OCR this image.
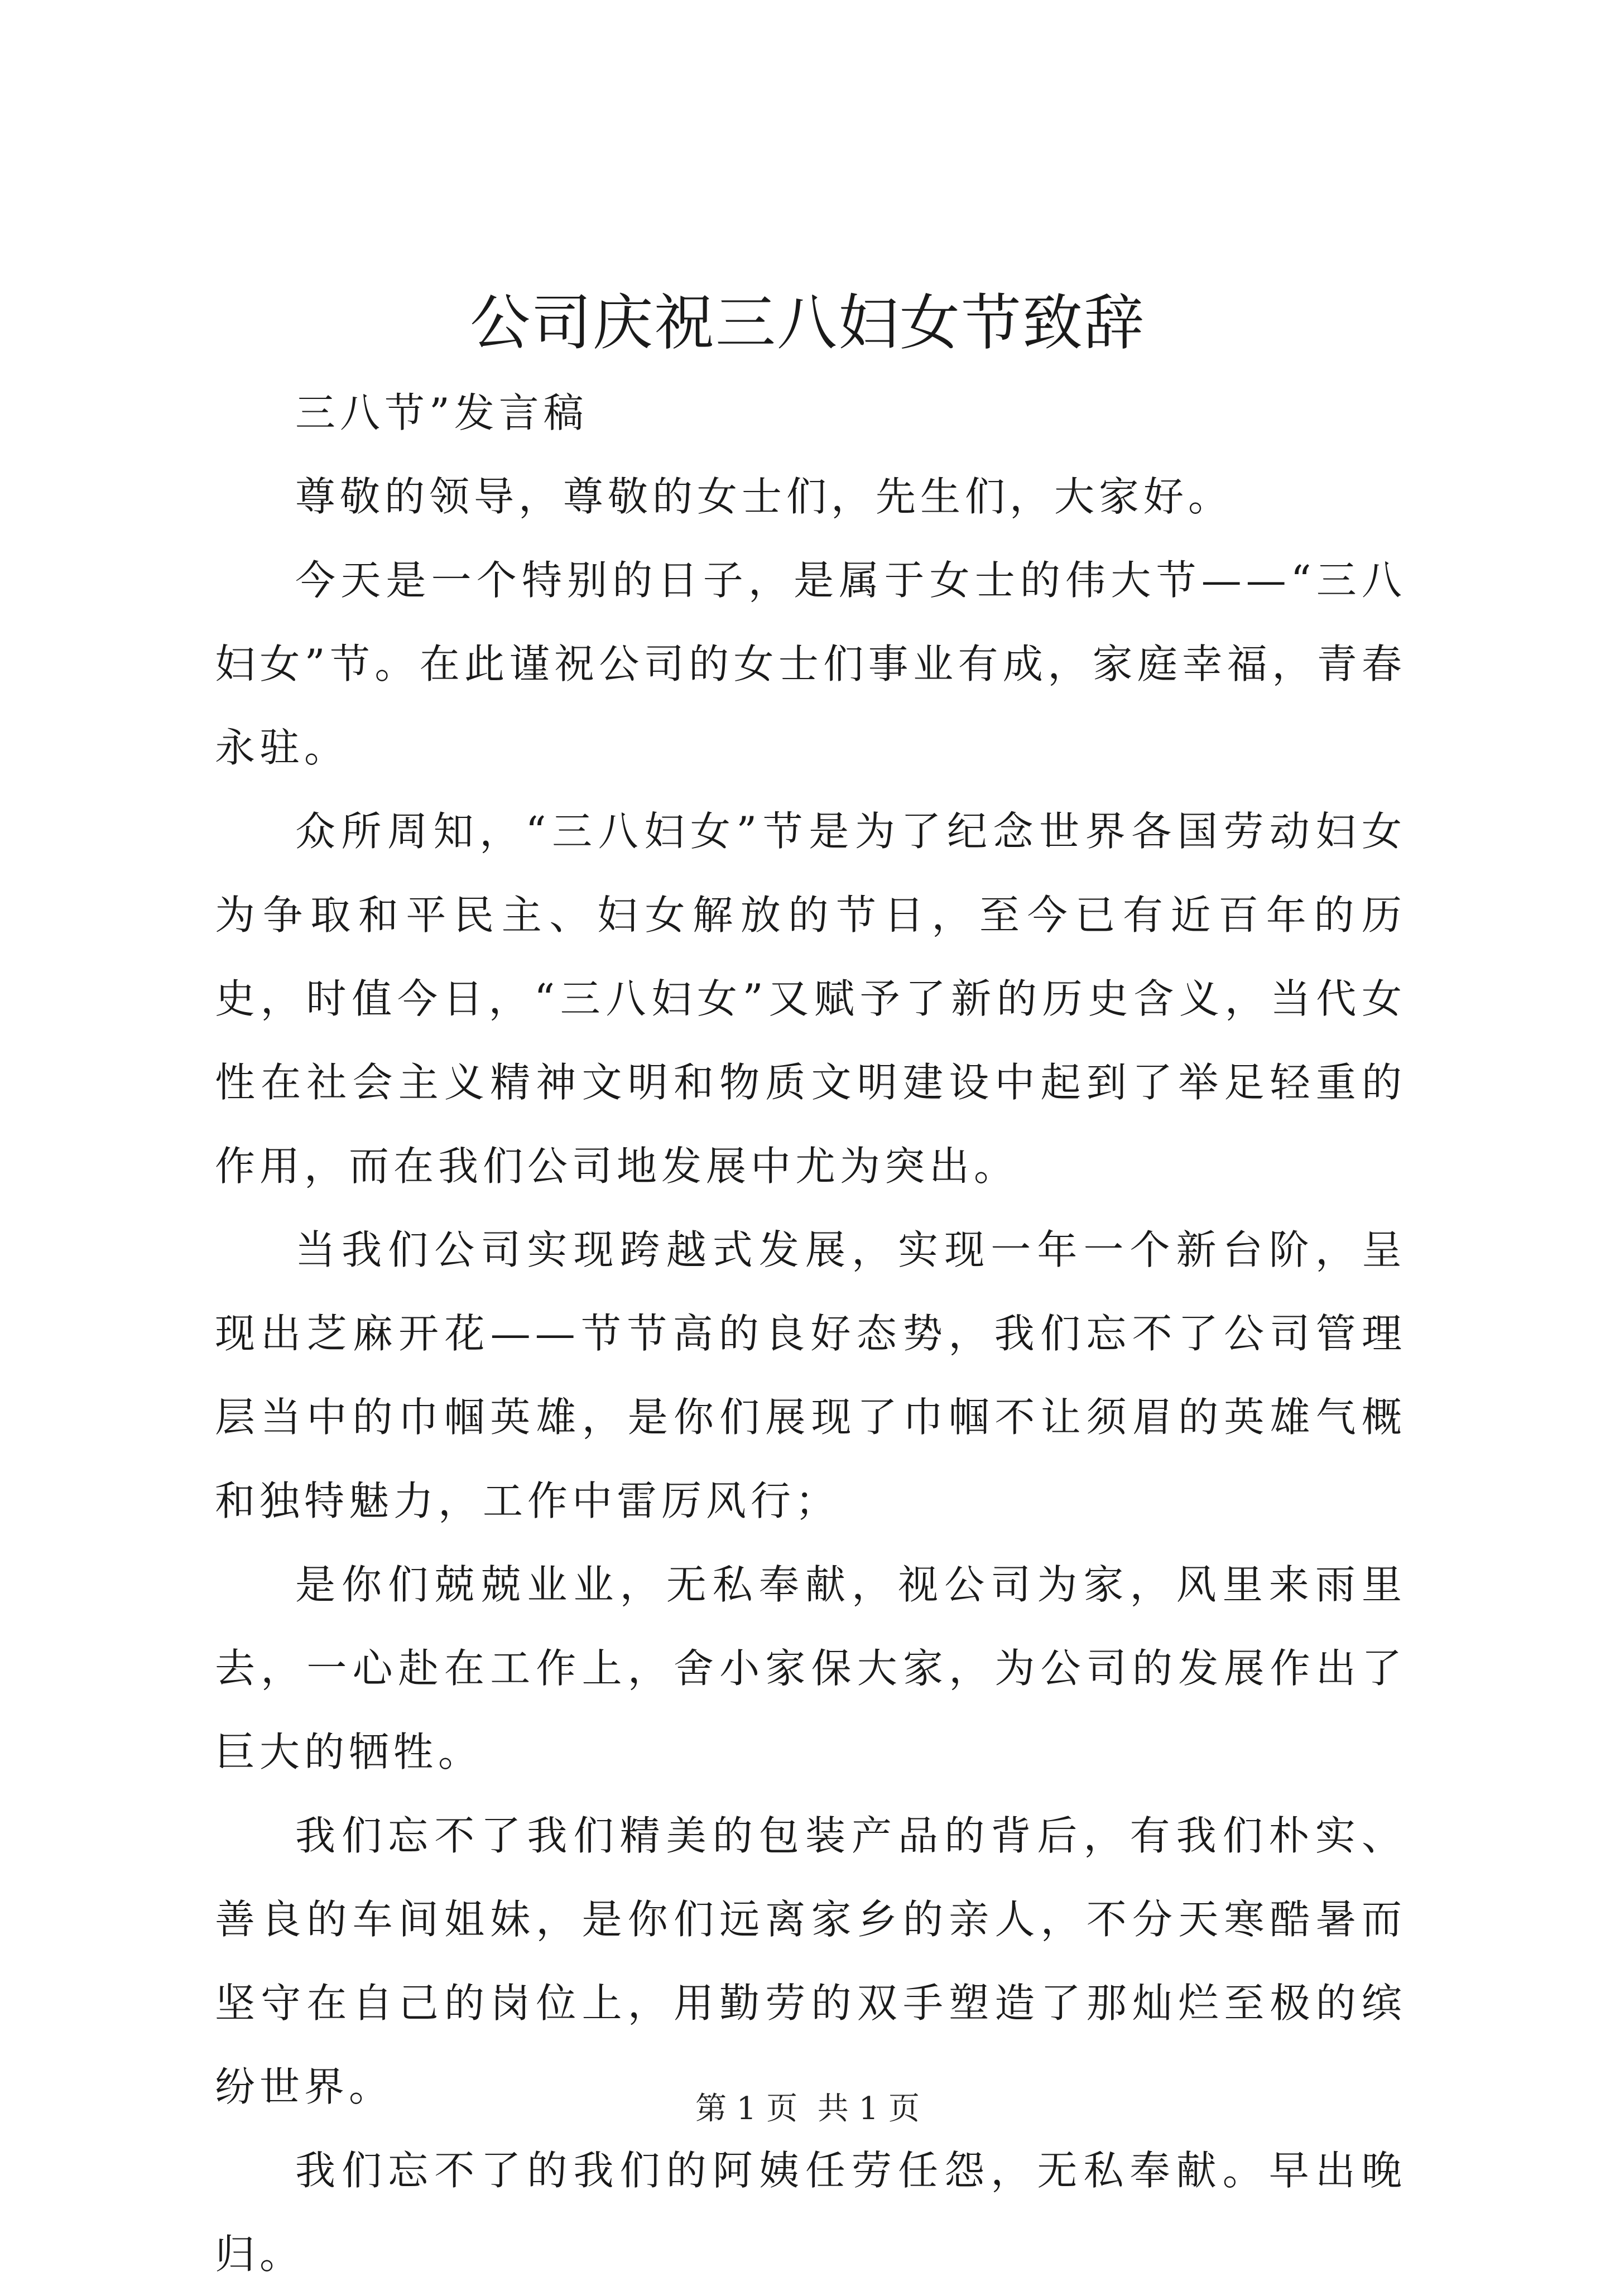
公司庆祝三八妇女节致辞

三八节”发言稿

尊敬的领导，尊敬的女士们，先生们，大家好。

今天是一个特别的日子，是属于女士的伟大节——“三八妇女”节。在此谨祝公司的女士们事业有成，家庭幸福，青春永驻。

众所周知，“三八妇女”节是为了纪念世界各国劳动妇女为争取和平民主、妇女解放的节日，至今已有近百年的历史，时值今日，“三八妇女”又赋予了新的历史含义，当代女性在社会主义精神文明和物质文明建设中起到了举足轻重的作用，而在我们公司地发展中尤为突出。

当我们公司实现跨越式发展，实现一年一个新台阶，呈现出芝麻开花——节节高的良好态势，我们忘不了公司管理层当中的巾帼英雄，是你们展现了巾帼不让须眉的英雄气概和独特魅力，工作中雷厉风行；

是你们兢兢业业，无私奉献，视公司为家，风里来雨里去，一心赴在工作上，舍小家保大家，为公司的发展作出了巨大的牺牲。

我们忘不了我们精美的包装产品的背后，有我们朴实、善良的车间姐妹，是你们远离家乡的亲人，不分天寒酷暑而坚守在自己的岗位上，用勤劳的双手塑造了那灿烂至极的缤纷世界。

我们忘不了的我们的阿姨任劳任怨，无私奉献。早出晚归。

第 1 页  共 1 页
